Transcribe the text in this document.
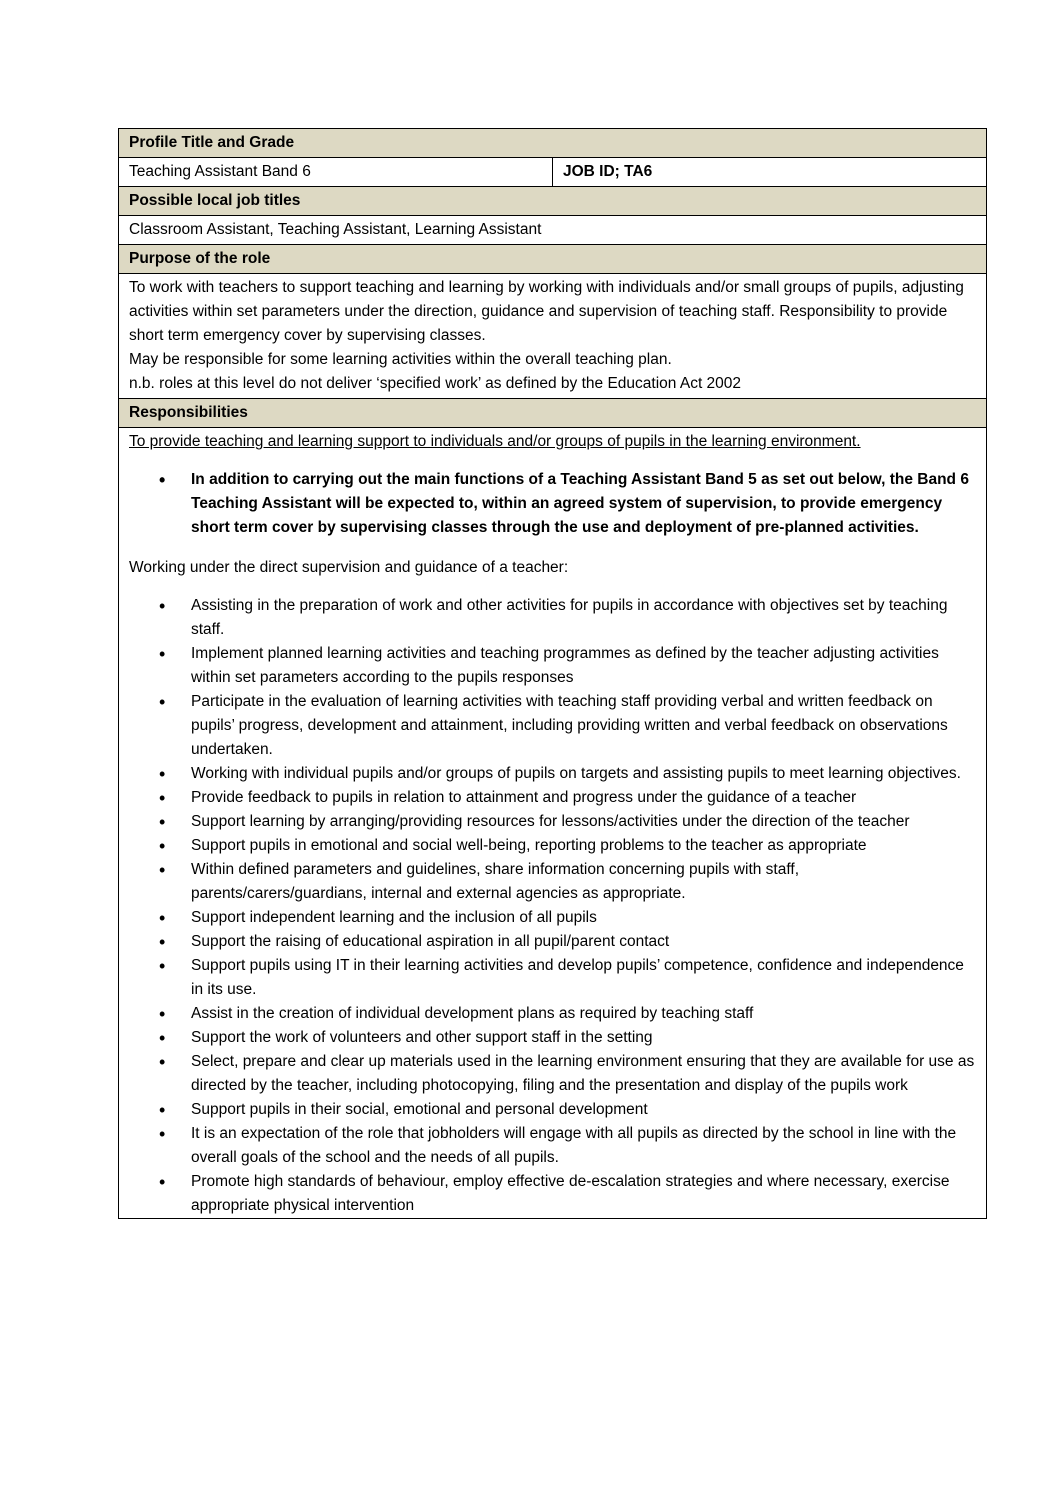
Profile Title and Grade
Teaching Assistant Band 6	JOB ID; TA6
Possible local job titles
Classroom Assistant, Teaching Assistant, Learning Assistant
Purpose of the role

To work with teachers to support teaching and learning by working with individuals and/or small groups of pupils, adjusting activities within set parameters under the direction, guidance and supervision of teaching staff. Responsibility to provide short term emergency cover by supervising classes.

May be responsible for some learning activities within the overall teaching plan.

n.b. roles at this level do not deliver ‘specified work’ as defined by the Education Act 2002

Responsibilities

To provide teaching and learning support to individuals and/or groups of pupils in the learning environment.

• In addition to carrying out the main functions of a Teaching Assistant Band 5 as set out below, the Band 6 Teaching Assistant will be expected to, within an agreed system of supervision, to provide emergency short term cover by supervising classes through the use and deployment of pre-planned activities.

Working under the direct supervision and guidance of a teacher:

• Assisting in the preparation of work and other activities for pupils in accordance with objectives set by teaching staff.
• Implement planned learning activities and teaching programmes as defined by the teacher adjusting activities within set parameters according to the pupils responses
• Participate in the evaluation of learning activities with teaching staff providing verbal and written feedback on pupils’ progress, development and attainment, including providing written and verbal feedback on observations undertaken.
• Working with individual pupils and/or groups of pupils on targets and assisting pupils to meet learning objectives.
• Provide feedback to pupils in relation to attainment and progress under the guidance of a teacher
• Support learning by arranging/providing resources for lessons/activities under the direction of the teacher
• Support pupils in emotional and social well-being, reporting problems to the teacher as appropriate
• Within defined parameters and guidelines, share information concerning pupils with staff, parents/carers/guardians, internal and external agencies as appropriate.
• Support independent learning and the inclusion of all pupils
• Support the raising of educational aspiration in all pupil/parent contact
• Support pupils using IT in their learning activities and develop pupils’ competence, confidence and independence in its use.
• Assist in the creation of individual development plans as required by teaching staff
• Support the work of volunteers and other support staff in the setting
• Select, prepare and clear up materials used in the learning environment ensuring that they are available for use as directed by the teacher, including photocopying, filing and the presentation and display of the pupils work
• Support pupils in their social, emotional and personal development
• It is an expectation of the role that jobholders will engage with all pupils as directed by the school in line with the overall goals of the school and the needs of all pupils.
• Promote high standards of behaviour, employ effective de-escalation strategies and where necessary, exercise appropriate physical intervention
